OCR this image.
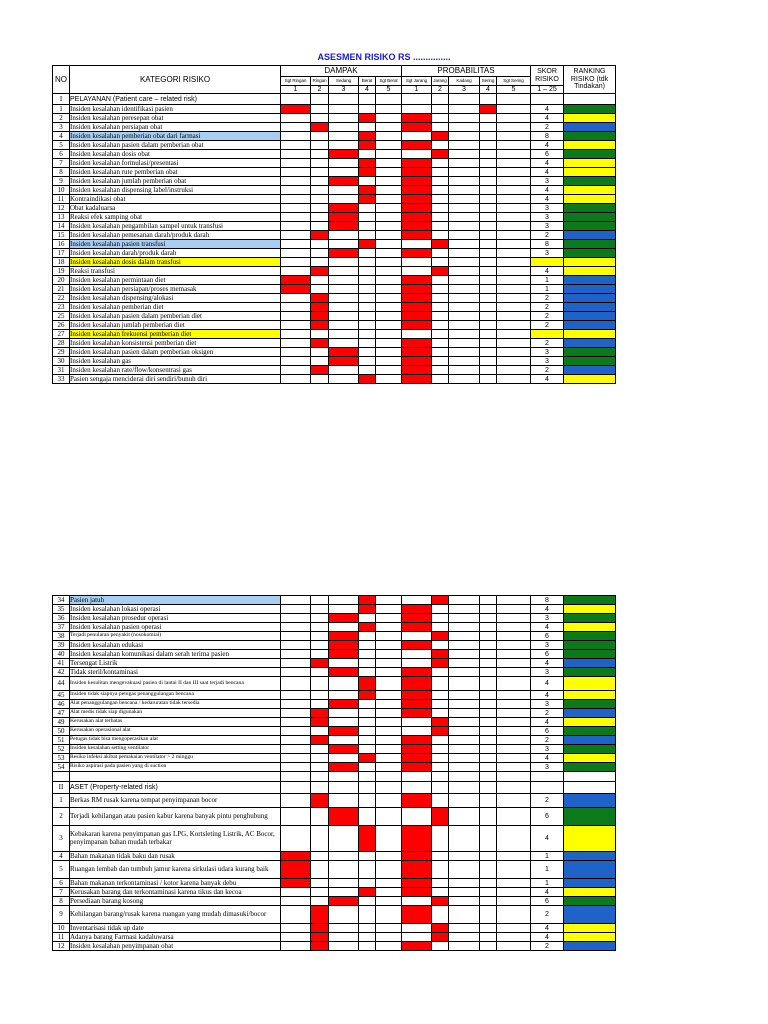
ASESMEN RISIKO RS ...............
NO	KATEGORI RISIKO	DAMPAK					PROBABILITAS					SKOR RISIKO	RANKING RISIKO (tdk Tindakan)
		Sgt Ringan	Ringan	Sedang	Berat	Sgt Berat	Sgt Jarang	Jarang	Kadang	Sering	Sgt Sering		
		1	2	3	4	5	1	2	3	4	5	1 – 25	
I	PELAYANAN (Patient care – related risk)												
1	Insiden kesalahan identifikasi pasien											4	
2	Insiden kesalahan peresepan obat											4	
3	Insiden kesalahan persiapan obat											2	
4	Insiden kesalahan pemberian obat dari farmasi											8	
5	Insiden kesalahan pasien dalam pemberian obat											4	
6	Insiden kesalahan dosis obat											6	
7	Insiden kesalahan formulasi/presentasi											4	
8	Insiden kesalahan rute pemberian obat											4	
9	Insiden kesalahan jumlah pemberian obat											3	
10	Insiden kesalahan dispensing label/instruksi											4	
11	Kontraindikasi obat											4	
12	Obat kadaluarsa											3	
13	Reaksi efek samping obat											3	
14	Insiden kesalahan pengambilan sampel untuk transfusi											3	
15	Insiden kesalahan pemesanan darah/produk darah											2	
16	Insiden kesalahan pasien transfusi											8	
17	Insiden kesalahan darah/produk darah											3	
18	Insiden kesalahan dosis dalam transfusi												
19	Reaksi transfusi											4	
20	Insiden kesalahan permintaan diet											1	
21	Insiden kesalahan persiapan/proses memasak											1	
22	Insiden kesalahan dispensing/alokasi											2	
23	Insiden kesalahan pemberian diet											2	
25	Insiden kesalahan pasien dalam pemberian diet											2	
26	Insiden kesalahan jumlah pemberian diet											2	
27	Insiden kesalahan frekuensi pemberian diet												
28	Insiden kesalahan konsistensi pemberian diet											2	
29	Insiden kesalahan pasien dalam pemberian oksigen											3	
30	Insiden kesalahan gas											3	
31	Insiden kesalahan rate/flow/konsentrasi gas											2	
33	Pasien sengaja menciderai diri sendiri/bunuh diri											4	
34	Pasien jatuh											8	
35	Insiden kesalahan lokasi operasi											4	
36	Insiden kesalahan prosedur operasi											3	
37	Insiden kesalahan pasien operasi											4	
38	Terjadi penularan penyakit (nosokomial)											6	
39	Insiden kesalahan edukasi											3	
40	Insiden kesalahan komunikasi dalam serah terima pasien											6	
41	Tersengat Listrik											4	
42	Tidak steril/kontaminasi											3	
44	Insiden kesulitan mengevakuasi pasien di lantai II dan III saat terjadi bencana											4	
45	Insiden tidak siapnya petugas penanggulangan bencana											4	
46	Alat penanggulangan bencana / kedaruratan tidak tersedia											3	
47	Alat medis tidak siap digunakan											2	
49	Kerusakan alat terbatas											4	
50	Kerusakan operasional alat											6	
51	Petugas tidak bisa mengoperasikan alat											2	
52	Insiden kesalahan setting ventilator											3	
53	Resiko infeksi akibat pemakaian ventilator > 2 minggu											4	
54	Risiko aspirasi pada pasien yang di suction											3	

II	ASET (Property-related risk)												
1	Berkas RM rusak karena tempat penyimpanan bocor											2	
2	Terjadi kehilangan atau pasien kabur karena banyak pintu penghubung											6	
3	Kebakaran karena penyimpanan gas LPG, Kortsleting Listrik, AC Bocor, penyimpanan bahan mudah terbakar											4	
4	Bahan makanan tidak baku dan rusak											1	
5	Ruangan lembab dan tumbuh jamur karena sirkulasi udara kurang baik											1	
6	Bahan makanan terkontaminasi / kotor karena banyak debu											1	
7	Kerusakan barang dan terkontaminasi karena tikus dan kecoa											4	
8	Persediaan barang kosong											6	
9	Kehilangan barang/rusak karena ruangan yang mudah dimasuki/bocor											2	
10	Inventarisasi tidak up date											4	
11	Adanya barang Farmasi kadaluwarsa											4	
12	Insiden kesalahan penyimpanan obat											2	
